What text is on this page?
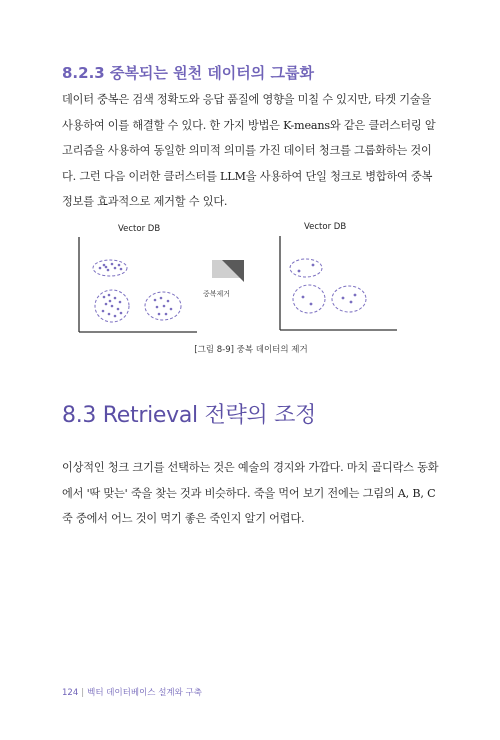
8.2.3 중복되는 원천 데이터의 그룹화

데이터 중복은 검색 정확도와 응답 품질에 영향을 미칠 수 있지만, 타겟 기술을 사용하여 이를 해결할 수 있다. 한 가지 방법은 K-means와 같은 클러스터링 알고리즘을 사용하여 동일한 의미적 의미를 가진 데이터 청크를 그룹화하는 것이다. 그런 다음 이러한 클러스터를 LLM을 사용하여 단일 청크로 병합하여 중복 정보를 효과적으로 제거할 수 있다.

Vector DB
중복제거
Vector DB
[그림 8-9] 중복 데이터의 제거
8.3 Retrieval 전략의 조정

이상적인 청크 크기를 선택하는 것은 예술의 경지와 가깝다. 마치 골디락스 동화에서 '딱 맞는' 죽을 찾는 것과 비슷하다. 죽을 먹어 보기 전에는 그림의 A, B, C 죽 중에서 어느 것이 먹기 좋은 죽인지 알기 어렵다.

124 | 벡터 데이터베이스 설계와 구축
